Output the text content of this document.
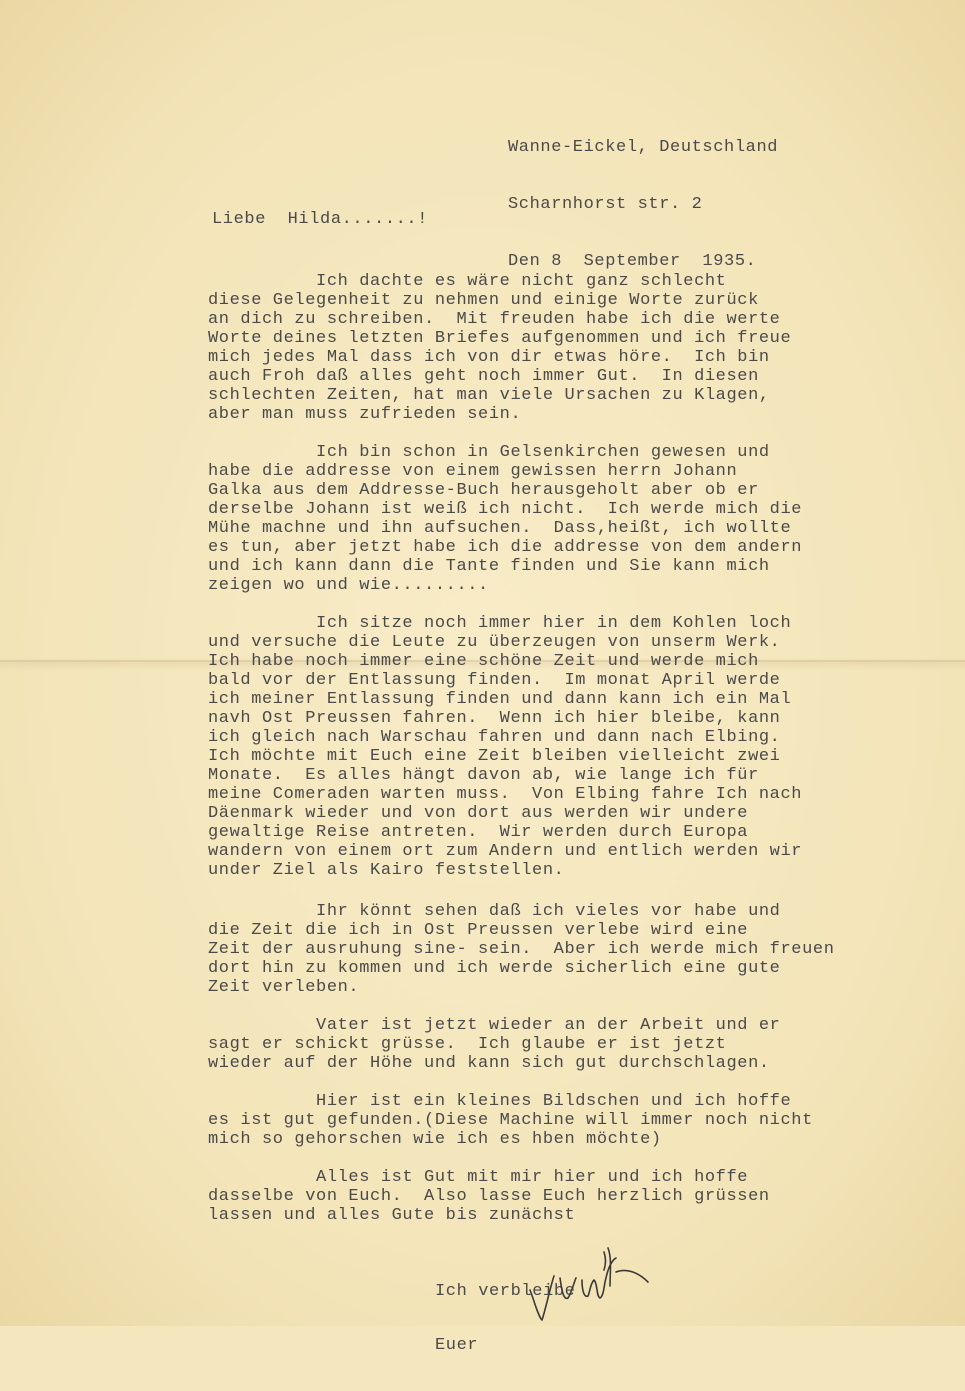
Wanne-Eickel, Deutschland

Scharnhorst str. 2

Den 8  September  1935.

Liebe  Hilda.......!
Ich dachte es wäre nicht ganz schlecht
diese Gelegenheit zu nehmen und einige Worte zurück
an dich zu schreiben.  Mit freuden habe ich die werte
Worte deines letzten Briefes aufgenommen und ich freue
mich jedes Mal dass ich von dir etwas höre.  Ich bin
auch Froh daß alles geht noch immer Gut.  In diesen
schlechten Zeiten, hat man viele Ursachen zu Klagen,
aber man muss zufrieden sein.
Ich bin schon in Gelsenkirchen gewesen und
habe die addresse von einem gewissen herrn Johann
Galka aus dem Addresse-Buch herausgeholt aber ob er
derselbe Johann ist weiß ich nicht.  Ich werde mich die
Mühe machne und ihn aufsuchen.  Dass,heißt, ich wollte
es tun, aber jetzt habe ich die addresse von dem andern
und ich kann dann die Tante finden und Sie kann mich
zeigen wo und wie.........
Ich sitze noch immer hier in dem Kohlen loch
und versuche die Leute zu überzeugen von unserm Werk.
Ich habe noch immer eine schöne Zeit und werde mich
bald vor der Entlassung finden.  Im monat April werde
ich meiner Entlassung finden und dann kann ich ein Mal
navh Ost Preussen fahren.  Wenn ich hier bleibe, kann
ich gleich nach Warschau fahren und dann nach Elbing.
Ich möchte mit Euch eine Zeit bleiben vielleicht zwei
Monate.  Es alles hängt davon ab, wie lange ich für
meine Comeraden warten muss.  Von Elbing fahre Ich nach
Däenmark wieder und von dort aus werden wir undere
gewaltige Reise antreten.  Wir werden durch Europa
wandern von einem ort zum Andern und entlich werden wir
under Ziel als Kairo feststellen.
Ihr könnt sehen daß ich vieles vor habe und
die Zeit die ich in Ost Preussen verlebe wird eine
Zeit der ausruhung sine- sein.  Aber ich werde mich freuen
dort hin zu kommen und ich werde sicherlich eine gute
Zeit verleben.
Vater ist jetzt wieder an der Arbeit und er
sagt er schickt grüsse.  Ich glaube er ist jetzt
wieder auf der Höhe und kann sich gut durchschlagen.
Hier ist ein kleines Bildschen und ich hoffe
es ist gut gefunden.(Diese Machine will immer noch nicht
mich so gehorschen wie ich es hben möchte)
Alles ist Gut mit mir hier und ich hoffe
dasselbe von Euch.  Also lasse Euch herzlich grüssen
lassen und alles Gute bis zunächst

Ich verbleibe

Euer
